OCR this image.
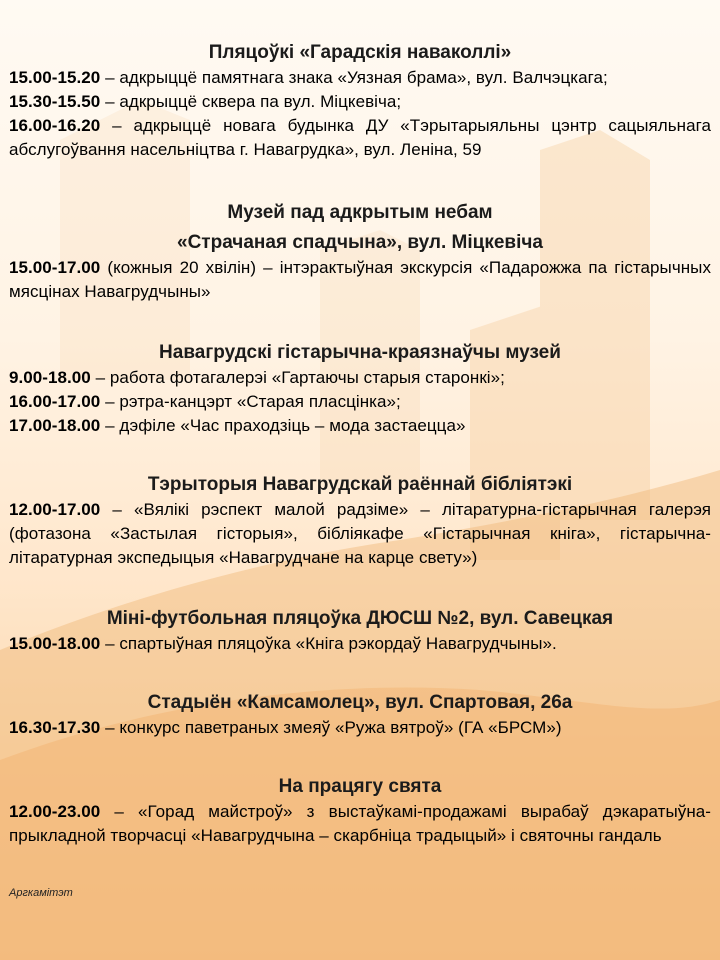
Пляцоўкі «Гарадскія наваколлі»
15.00-15.20 – адкрыццё памятнага знака «Уязная брама», вул. Валчэцкага;
15.30-15.50 – адкрыццё сквера па вул. Міцкевіча;
16.00-16.20 – адкрыццё новага будынка ДУ «Тэрытарыяльны цэнтр сацыяльнага абслугоўвання насельніцтва г. Навагрудка», вул. Леніна, 59
Музей пад адкрытым небам
«Страчаная спадчына», вул. Міцкевіча
15.00-17.00 (кожныя 20 хвілін) – інтэрактыўная экскурсія «Падарожжа па гістарычных мясцінах Навагрудчыны»
Навагрудскі гістарычна-краязнаўчы музей
9.00-18.00 – работа фотагалерэі «Гартаючы старыя старонкі»;
16.00-17.00 – рэтра-канцэрт «Старая пласцінка»;
17.00-18.00 – дэфіле «Час праходзіць – мода застаецца»
Тэрыторыя Навагрудскай раённай бібліятэкі
12.00-17.00 – «Вялікі рэспект малой радзіме» – літаратурна-гістарычная галерэя (фотазона «Застылая гісторыя», бібліякафе «Гістарычная кніга», гістарычна-літаратурная экспедыцыя «Навагрудчане на карце свету»)
Міні-футбольная пляцоўка ДЮСШ №2, вул. Савецкая
15.00-18.00 – спартыўная пляцоўка «Кніга рэкордаў Навагрудчыны».
Стадыён «Камсамолец», вул. Спартовая, 26а
16.30-17.30 – конкурс паветраных змеяў «Ружа вятроў» (ГА «БРСМ»)
На працягу свята
12.00-23.00 – «Горад майстроў» з выстаўкамі-продажамі вырабаў дэкаратыўна-прыкладной творчасці «Навагрудчына – скарбніца традыцый» і святочны гандаль
Аргкамітэт
